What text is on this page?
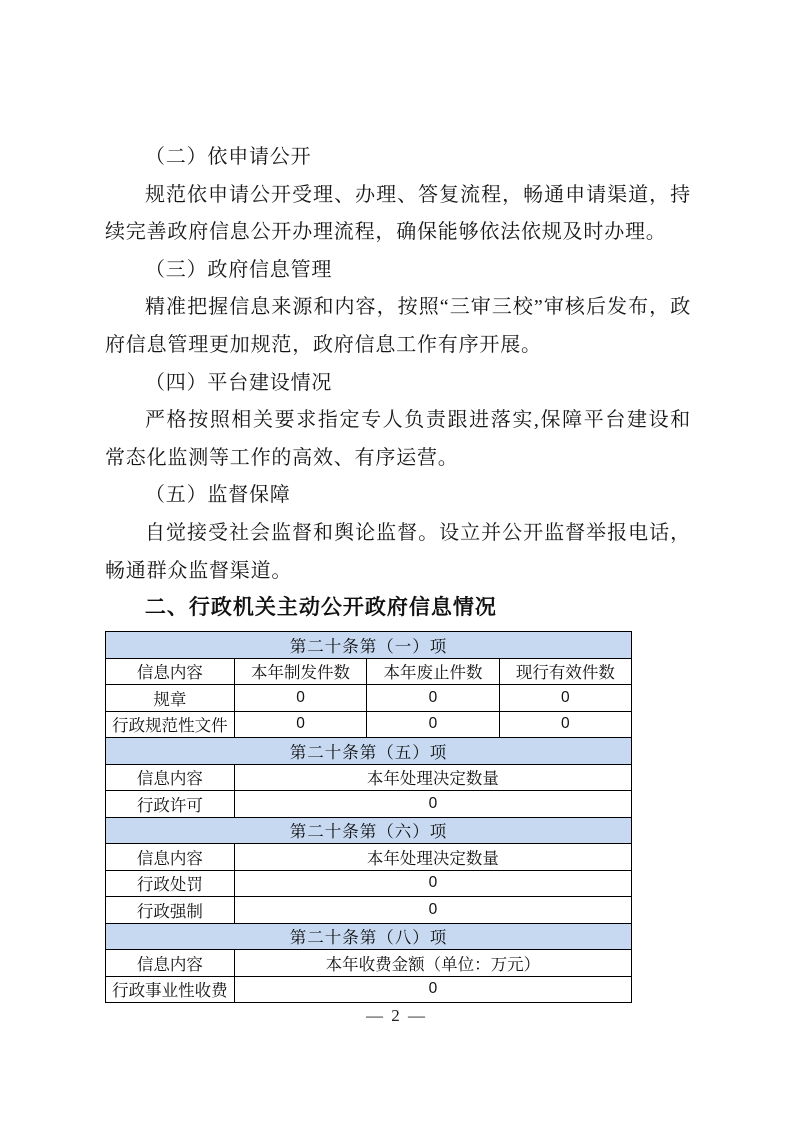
（二）依申请公开

规范依申请公开受理、办理、答复流程，畅通申请渠道，持续完善政府信息公开办理流程，确保能够依法依规及时办理。

（三）政府信息管理

精准把握信息来源和内容，按照“三审三校”审核后发布，政府信息管理更加规范，政府信息工作有序开展。

（四）平台建设情况

严格按照相关要求指定专人负责跟进落实,保障平台建设和常态化监测等工作的高效、有序运营。

（五）监督保障

自觉接受社会监督和舆论监督。设立并公开监督举报电话，畅通群众监督渠道。

二、行政机关主动公开政府信息情况
第二十条第（一）项			
信息内容	本年制发件数	本年废止件数	现行有效件数
规章	0	0	0
行政规范性文件	0	0	0
第二十条第（五）项			
信息内容	本年处理决定数量		
行政许可	0		
第二十条第（六）项			
信息内容	本年处理决定数量		
行政处罚	0		
行政强制	0		
第二十条第（八）项			
信息内容	本年收费金额（单位：万元）		
行政事业性收费	0		
— 2 —
